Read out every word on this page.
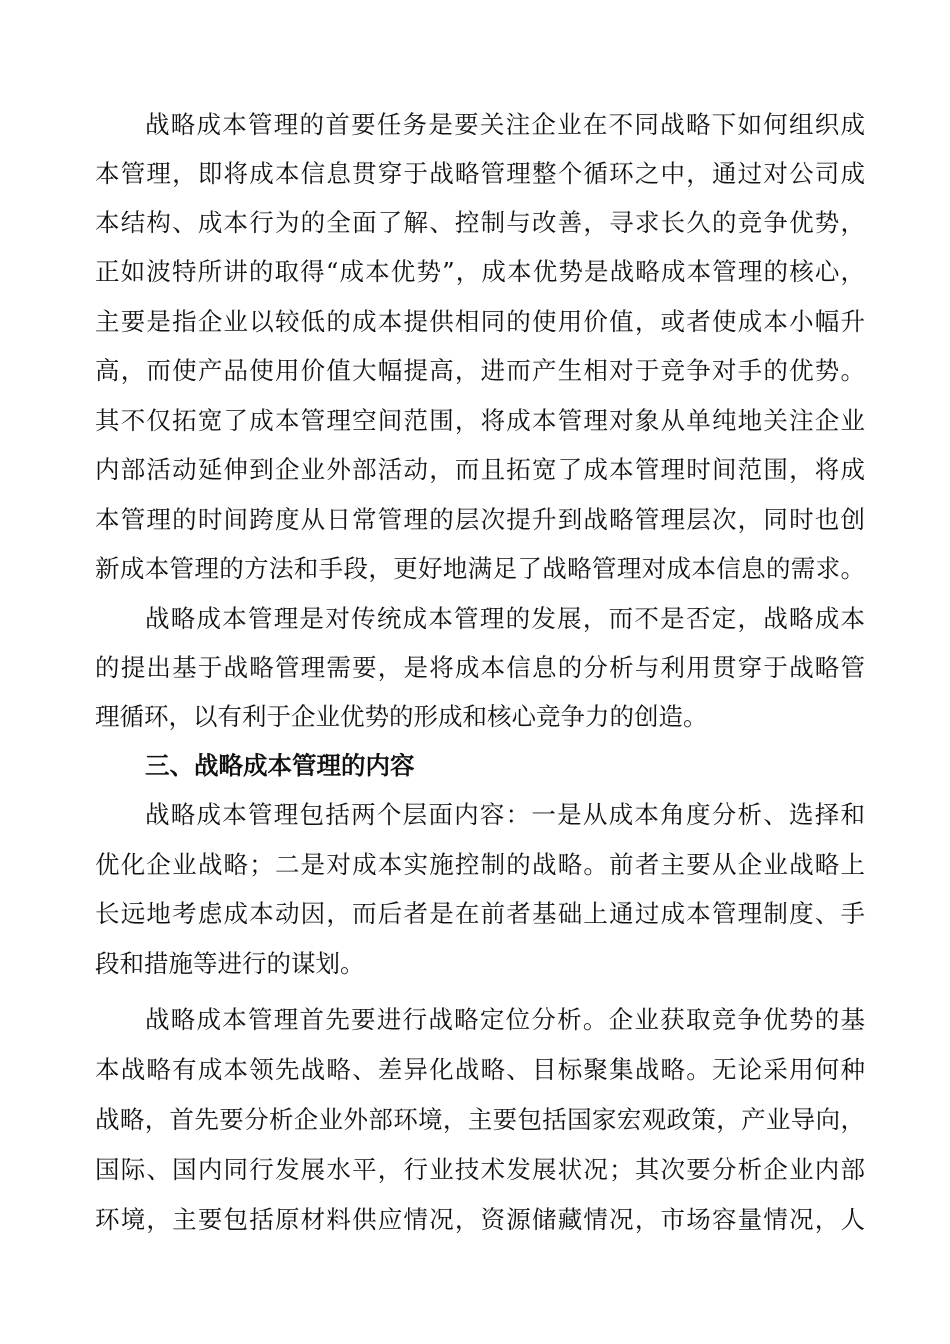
战略成本管理的首要任务是要关注企业在不同战略下如何组织成
本管理，即将成本信息贯穿于战略管理整个循环之中，通过对公司成
本结构、成本行为的全面了解、控制与改善，寻求长久的竞争优势，
正如波特所讲的取得“成本优势”，成本优势是战略成本管理的核心，
主要是指企业以较低的成本提供相同的使用价值，或者使成本小幅升
高，而使产品使用价值大幅提高，进而产生相对于竞争对手的优势。
其不仅拓宽了成本管理空间范围，将成本管理对象从单纯地关注企业
内部活动延伸到企业外部活动，而且拓宽了成本管理时间范围，将成
本管理的时间跨度从日常管理的层次提升到战略管理层次，同时也创
新成本管理的方法和手段，更好地满足了战略管理对成本信息的需求。
战略成本管理是对传统成本管理的发展，而不是否定，战略成本
的提出基于战略管理需要，是将成本信息的分析与利用贯穿于战略管
理循环，以有利于企业优势的形成和核心竞争力的创造。
三、战略成本管理的内容
战略成本管理包括两个层面内容：一是从成本角度分析、选择和
优化企业战略；二是对成本实施控制的战略。前者主要从企业战略上
长远地考虑成本动因，而后者是在前者基础上通过成本管理制度、手
段和措施等进行的谋划。
战略成本管理首先要进行战略定位分析。企业获取竞争优势的基
本战略有成本领先战略、差异化战略、目标聚集战略。无论采用何种
战略，首先要分析企业外部环境，主要包括国家宏观政策，产业导向，
国际、国内同行发展水平，行业技术发展状况；其次要分析企业内部
环境，主要包括原材料供应情况，资源储藏情况，市场容量情况，人
